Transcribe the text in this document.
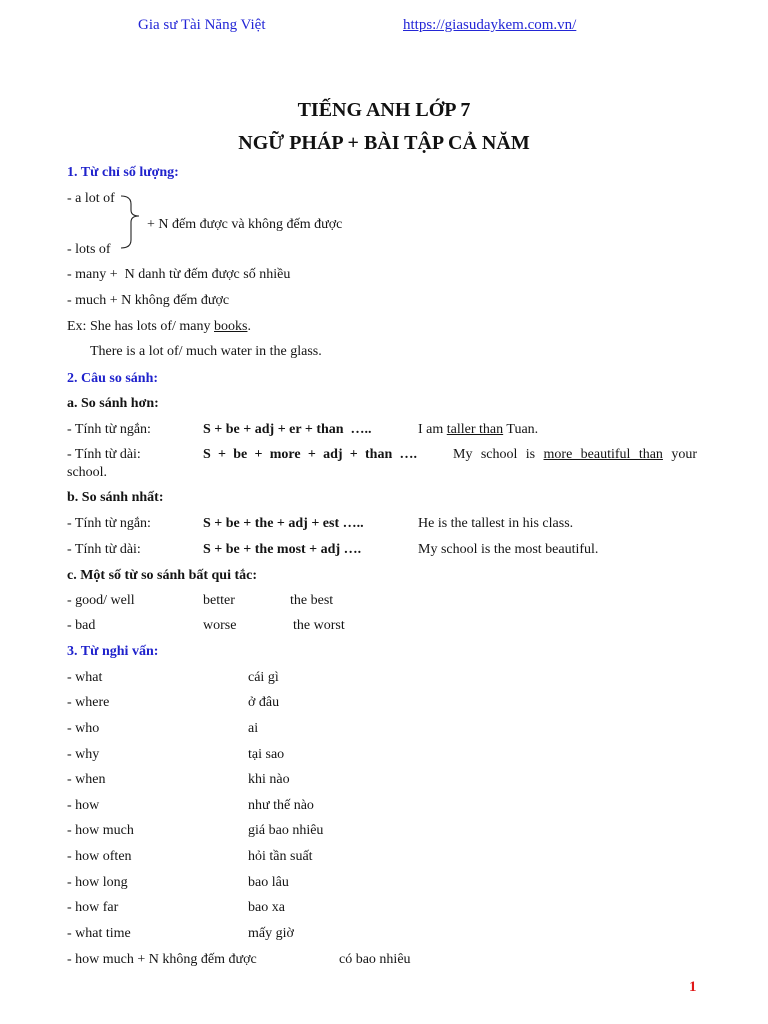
Gia sư Tài Năng Việt	https://giasudaykem.com.vn/
TIẾNG ANH LỚP 7
NGỮ PHÁP + BÀI TẬP CẢ NĂM
1. Từ chỉ số lượng:
- a lot of
+ N đếm được và không đếm được
- lots of
- many +  N danh từ đếm được số nhiều
- much + N không đếm được
Ex: She has lots of/ many books.
There is a lot of/ much water in the glass.
2. Câu so sánh:
a. So sánh hơn:
- Tính từ ngắn:	S + be + adj + er + than  …..	I am taller than Tuan.
- Tính từ dài:	S + be + more + adj + than ….	My school is more beautiful than your
school.
b. So sánh nhất:
- Tính từ ngắn:	S + be + the + adj + est …..	He is the tallest in his class.
- Tính từ dài:	S + be + the most + adj ….	My school is the most beautiful.
c. Một số từ so sánh bất qui tắc:
- good/ well	better	the best
- bad	worse	the worst
3. Từ nghi vấn:
- what	cái gì
- where	ở đâu
- who	ai
- why	tại sao
- when	khi nào
- how	như thế nào
- how much	giá bao nhiêu
- how often	hỏi tần suất
- how long	bao lâu
- how far	bao xa
- what time	mấy giờ
- how much + N không đếm được	có bao nhiêu
1
